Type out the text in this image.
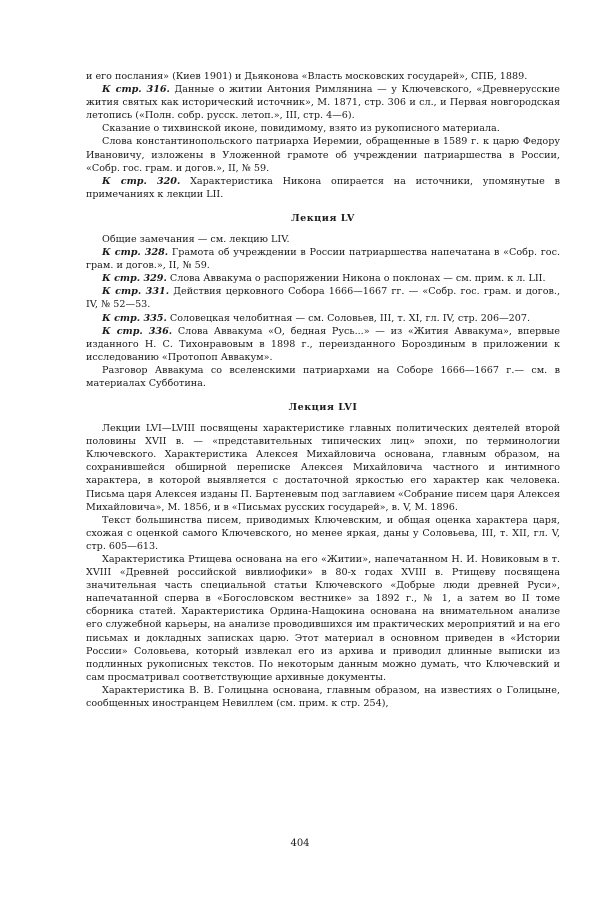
и его послания» (Киев 1901) и Дьяконова «Власть московских государей», СПБ, 1889.

К стр. 316. Данные о житии Антония Римлянина — у Ключевского, «Древнерусские жития святых как исторический источник», М. 1871, стр. 306 и сл., и Первая новгородская летопись («Полн. собр. русск. летоп.», III, стр. 4—6).

Сказание о тихвинской иконе, повидимому, взято из рукописного материала.

Слова константинопольского патриарха Иеремии, обращенные в 1589 г. к царю Федору Ивановичу, изложены в Уложенной грамоте об учреждении патриаршества в России, «Собр. гос. грам. и догов.», II, № 59.

К стр. 320. Характеристика Никона опирается на источники, упомянутые в примечаниях к лекции LII.

Лекция LV

Общие замечания — см. лекцию LIV.

К стр. 328. Грамота об учреждении в России патриаршества напечатана в «Собр. гос. грам. и догов.», II, № 59.

К стр. 329. Слова Аввакума о распоряжении Никона о поклонах — см. прим. к л. LII.

К стр. 331. Действия церковного Собора 1666—1667 гг. — «Собр. гос. грам. и догов., IV, № 52—53.

К стр. 335. Соловецкая челобитная — см. Соловьев, III, т. XI, гл. IV, стр. 206—207.

К стр. 336. Слова Аввакума «О, бедная Русь...» — из «Жития Аввакума», впервые изданного Н. С. Тихонравовым в 1898 г., переизданного Бороздиным в приложении к исследованию «Протопоп Аввакум».

Разговор Аввакума со вселенскими патриархами на Соборе 1666—1667 г.— см. в материалах Субботина.

Лекция LVI

Лекции LVI—LVIII посвящены характеристике главных политических деятелей второй половины XVII в. — «представительных типических лиц» эпохи, по терминологии Ключевского. Характеристика Алексея Михайловича основана, главным образом, на сохранившейся обширной переписке Алексея Михайловича частного и интимного характера, в которой выявляется с достаточной яркостью его характер как человека. Письма царя Алексея изданы П. Бартеневым под заглавием «Собрание писем царя Алексея Михайловича», М. 1856, и в «Письмах русских государей», в. V, М. 1896.

Текст большинства писем, приводимых Ключевским, и общая оценка характера царя, схожая с оценкой самого Ключевского, но менее яркая, даны у Соловьева, III, т. XII, гл. V, стр. 605—613.

Характеристика Ртищева основана на его «Житии», напечатанном Н. И. Новиковым в т. XVIII «Древней российской вивлиофики» в 80-х годах XVIII в. Ртищеву посвящена значительная часть специальной статьи Ключевского «Добрые люди древней Руси», напечатанной сперва в «Богословском вестнике» за 1892 г., № 1, а затем во II томе сборника статей. Характеристика Ордина-Нащокина основана на внимательном анализе его служебной карьеры, на анализе проводившихся им практических мероприятий и на его письмах и докладных записках царю. Этот материал в основном приведен в «Истории России» Соловьева, который извлекал его из архива и приводил длинные выписки из подлинных рукописных текстов. По некоторым данным можно думать, что Ключевский и сам просматривал соответствующие архивные документы.

Характеристика В. В. Голицына основана, главным образом, на известиях о Голицыне, сообщенных иностранцем Невиллем (см. прим. к стр. 254),

404
